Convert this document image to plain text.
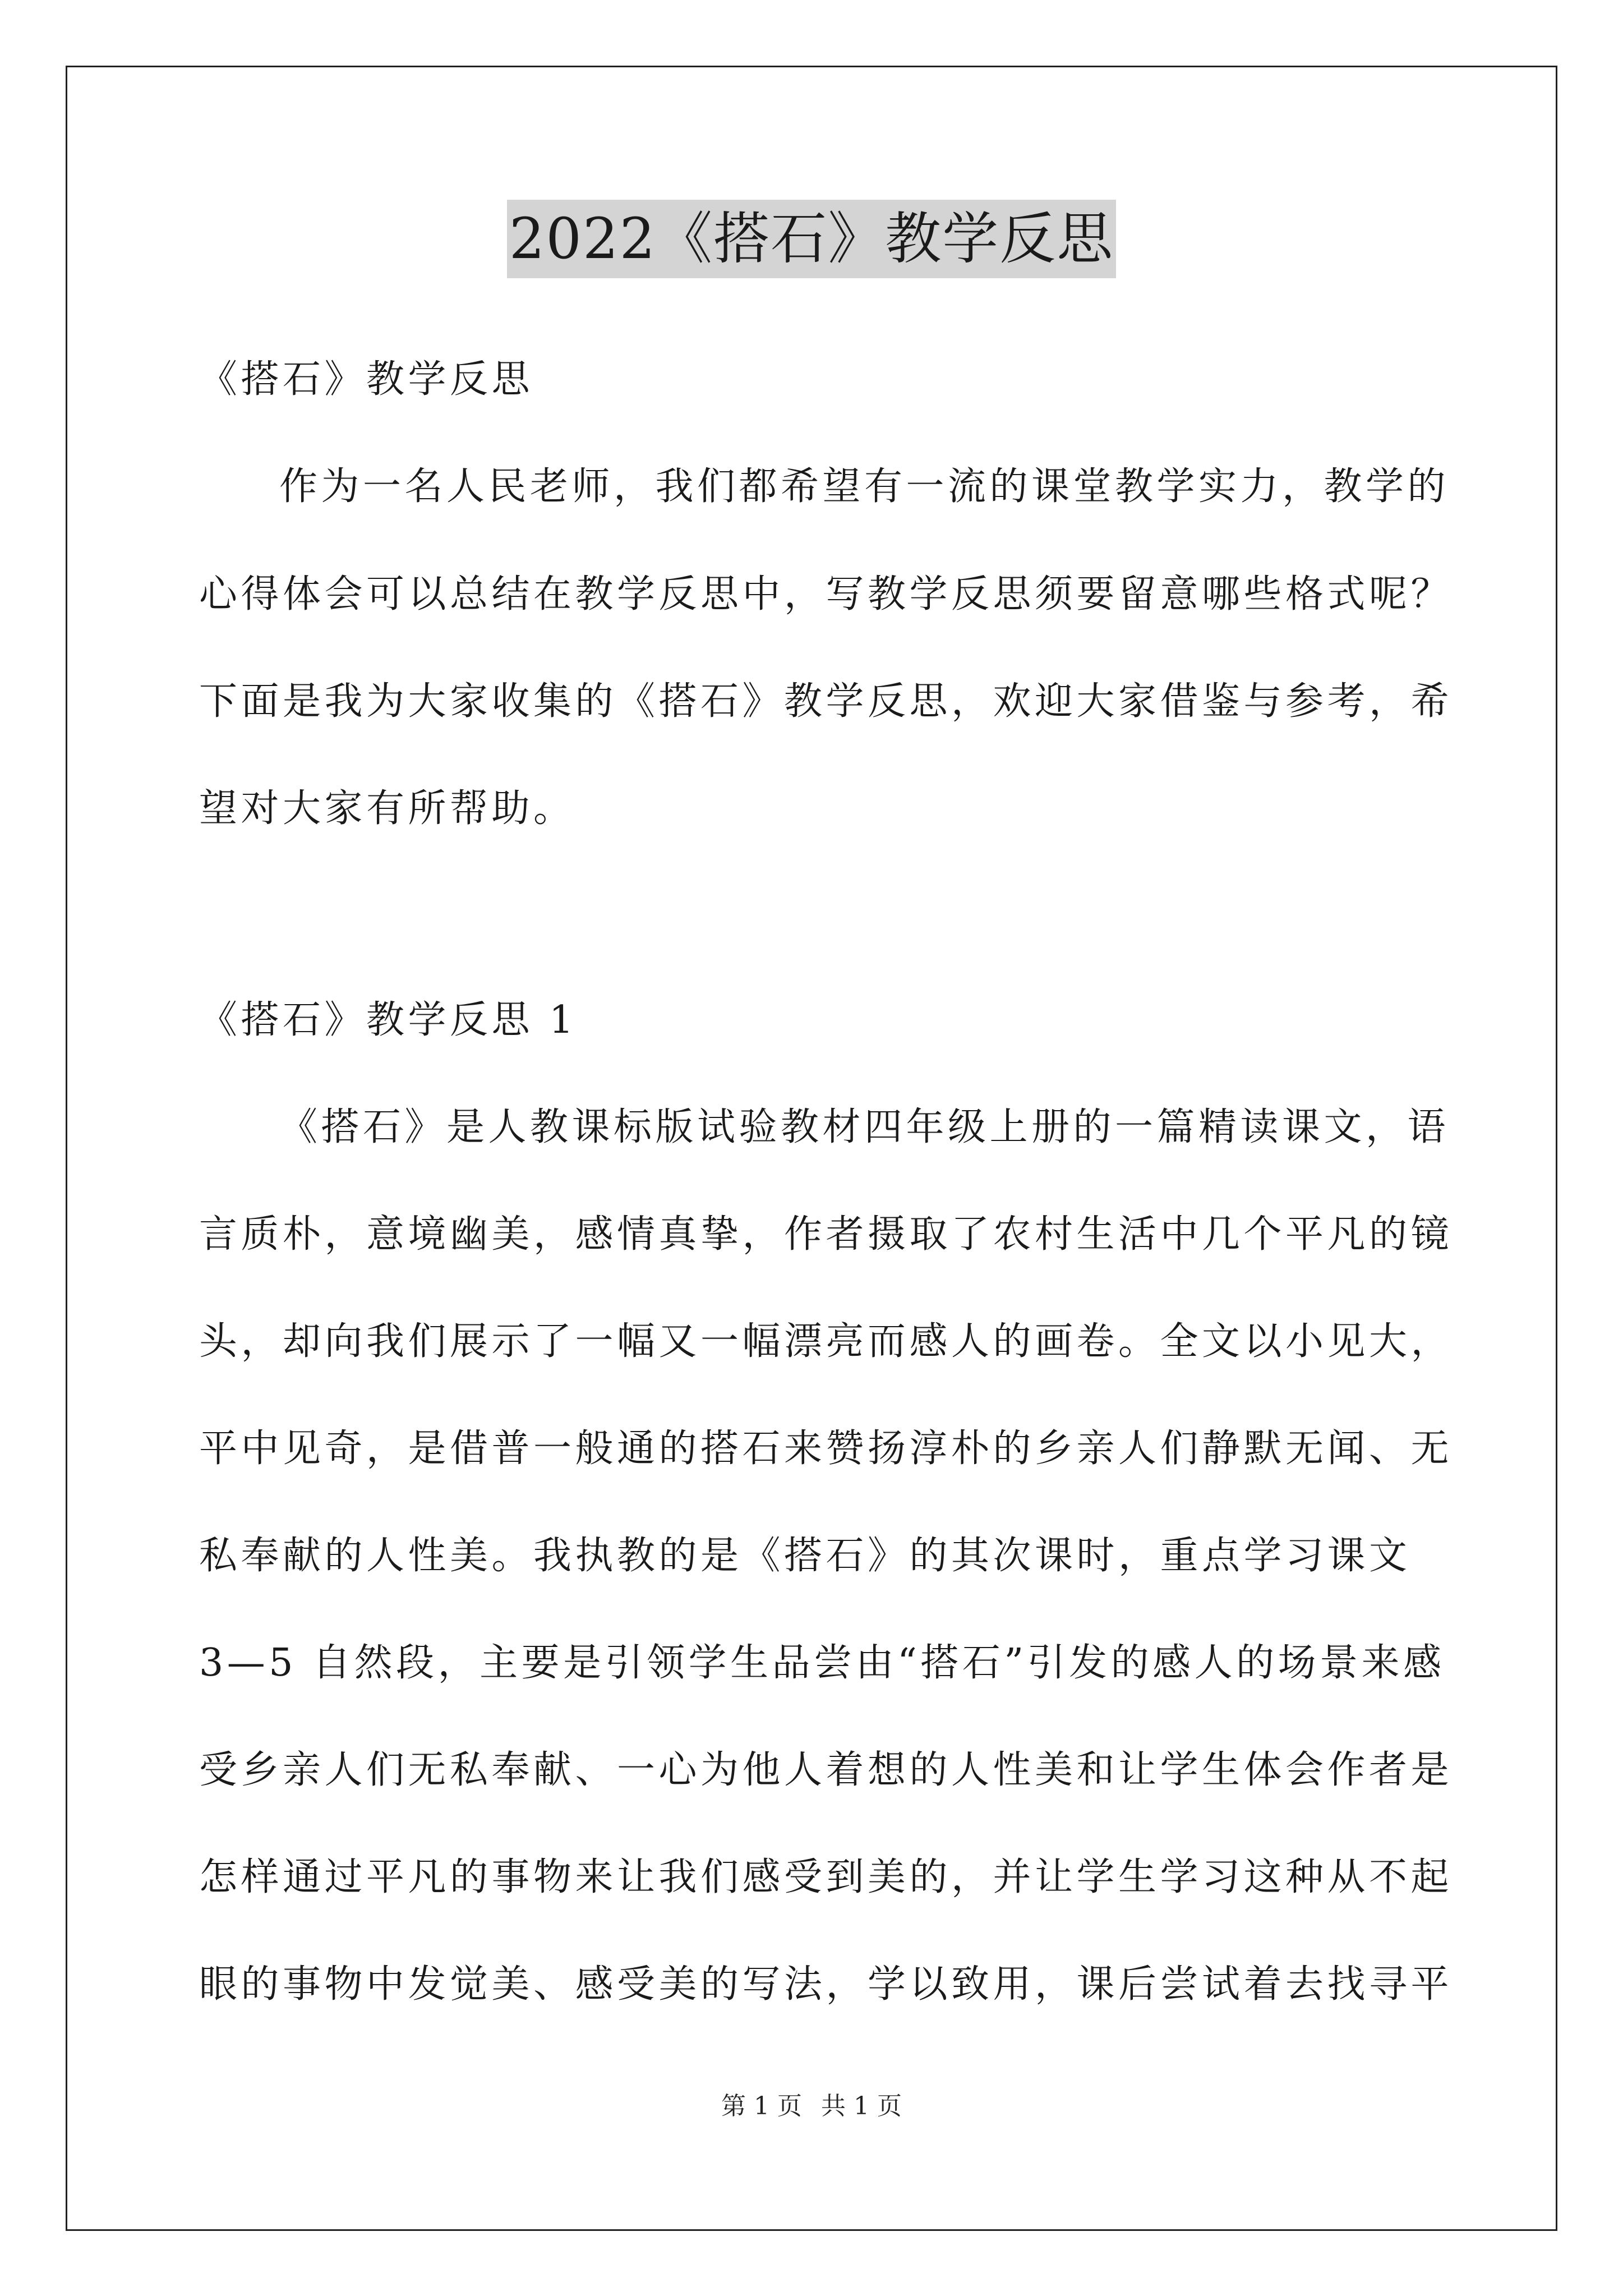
2022《搭石》教学反思
《搭石》教学反思
作为一名人民老师，我们都希望有一流的课堂教学实力，教学的
心得体会可以总结在教学反思中，写教学反思须要留意哪些格式呢？
下面是我为大家收集的《搭石》教学反思，欢迎大家借鉴与参考，希
望对大家有所帮助。
《搭石》教学反思 1
《搭石》是人教课标版试验教材四年级上册的一篇精读课文，语
言质朴，意境幽美，感情真挚，作者摄取了农村生活中几个平凡的镜
头，却向我们展示了一幅又一幅漂亮而感人的画卷。全文以小见大，
平中见奇，是借普一般通的搭石来赞扬淳朴的乡亲人们静默无闻、无
私奉献的人性美。我执教的是《搭石》的其次课时，重点学习课文
3—5 自然段，主要是引领学生品尝由“搭石”引发的感人的场景来感
受乡亲人们无私奉献、一心为他人着想的人性美和让学生体会作者是
怎样通过平凡的事物来让我们感受到美的，并让学生学习这种从不起
眼的事物中发觉美、感受美的写法，学以致用，课后尝试着去找寻平
第 1 页 共 1 页
